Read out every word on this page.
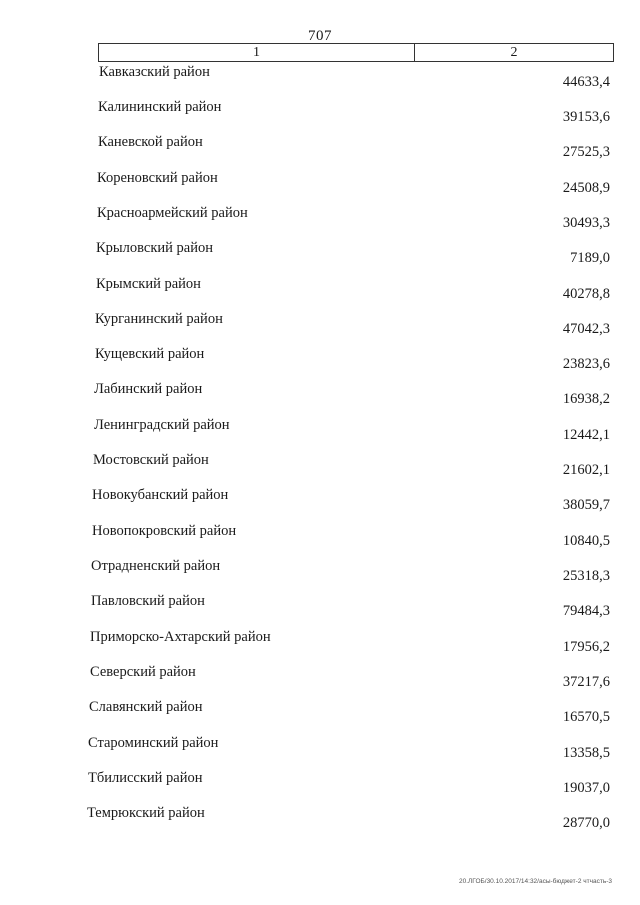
707
1	2
Кавказский район
44633,4
Калининский район
39153,6
Каневской район
27525,3
Кореновский район
24508,9
Красноармейский район
30493,3
Крыловский район
7189,0
Крымский район
40278,8
Курганинский район
47042,3
Кущевский район
23823,6
Лабинский район
16938,2
Ленинградский район
12442,1
Мостовский район
21602,1
Новокубанский район
38059,7
Новопокровский район
10840,5
Отрадненский район
25318,3
Павловский район
79484,3
Приморско-Ахтарский район
17956,2
Северский район
37217,6
Славянский район
16570,5
Староминский район
13358,5
Тбилисский район
19037,0
Темрюкский район
28770,0
20.ЛГОБ/30.10.2017/14:32/асы-бюджет-2 чтчасть-3
